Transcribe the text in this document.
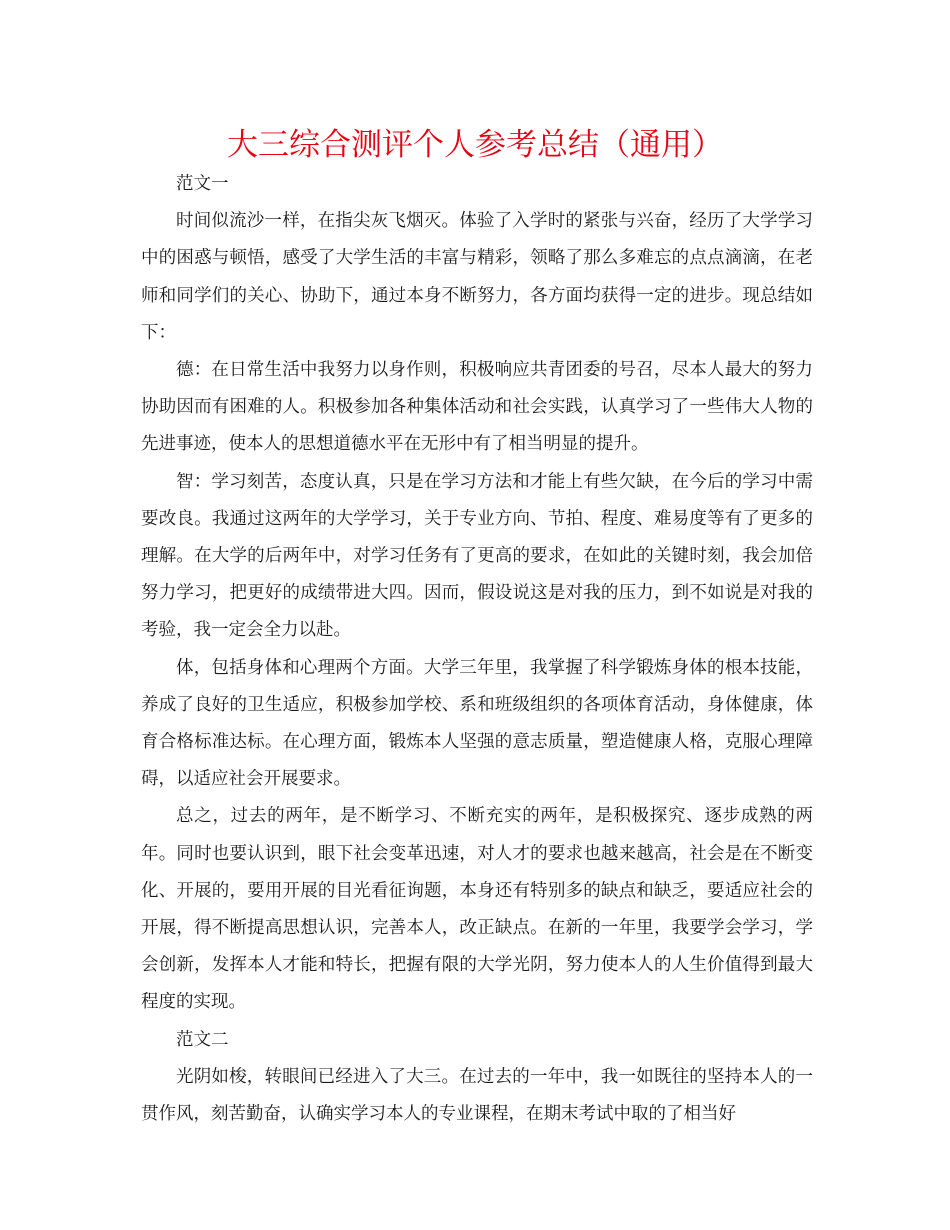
大三综合测评个人参考总结（通用）

范文一

时间似流沙一样，在指尖灰飞烟灭。体验了入学时的紧张与兴奋，经历了大学学习中的困惑与顿悟，感受了大学生活的丰富与精彩，领略了那么多难忘的点点滴滴，在老师和同学们的关心、协助下，通过本身不断努力，各方面均获得一定的进步。现总结如下：

德：在日常生活中我努力以身作则，积极响应共青团委的号召，尽本人最大的努力协助因而有困难的人。积极参加各种集体活动和社会实践，认真学习了一些伟大人物的先进事迹，使本人的思想道德水平在无形中有了相当明显的提升。

智：学习刻苦，态度认真，只是在学习方法和才能上有些欠缺，在今后的学习中需要改良。我通过这两年的大学学习，关于专业方向、节拍、程度、难易度等有了更多的理解。在大学的后两年中，对学习任务有了更高的要求，在如此的关键时刻，我会加倍努力学习，把更好的成绩带进大四。因而，假设说这是对我的压力，到不如说是对我的考验，我一定会全力以赴。

体，包括身体和心理两个方面。大学三年里，我掌握了科学锻炼身体的根本技能，养成了良好的卫生适应，积极参加学校、系和班级组织的各项体育活动，身体健康，体育合格标准达标。在心理方面，锻炼本人坚强的意志质量，塑造健康人格，克服心理障碍，以适应社会开展要求。

总之，过去的两年，是不断学习、不断充实的两年，是积极探究、逐步成熟的两年。同时也要认识到，眼下社会变革迅速，对人才的要求也越来越高，社会是在不断变化、开展的，要用开展的目光看征询题，本身还有特别多的缺点和缺乏，要适应社会的开展，得不断提高思想认识，完善本人，改正缺点。在新的一年里，我要学会学习，学会创新，发挥本人才能和特长，把握有限的大学光阴，努力使本人的人生价值得到最大程度的实现。

范文二

光阴如梭，转眼间已经进入了大三。在过去的一年中，我一如既往的坚持本人的一贯作风，刻苦勤奋，认确实学习本人的专业课程，在期末考试中取的了相当好
